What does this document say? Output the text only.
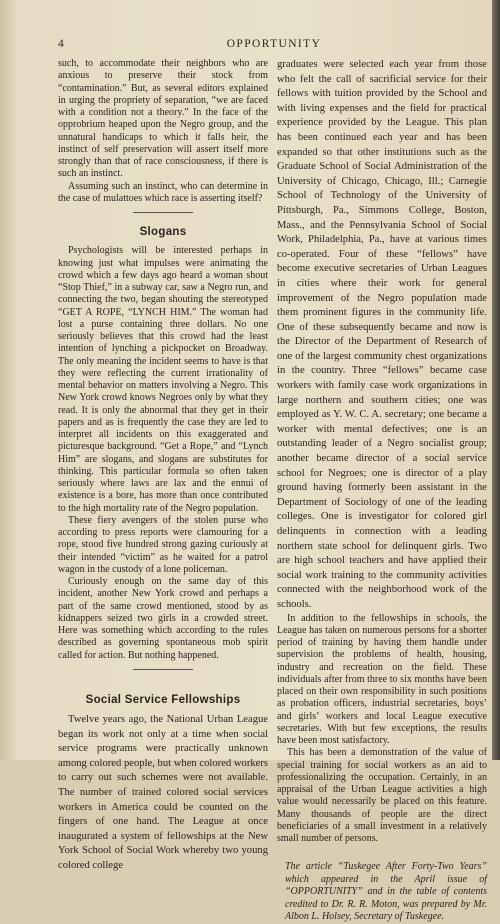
4	OPPORTUNITY

such, to accommodate their neighbors who are anxious to preserve their stock from “contamination.” But, as several editors explained in urging the propriety of separation, “we are faced with a condition not a theory.” In the face of the opprobrium heaped upon the Negro group, and the unnatural handicaps to which it falls heir, the instinct of self preservation will assert itself more strongly than that of race consciousness, if there is such an instinct.

Assuming such an instinct, who can determine in the case of mulattoes which race is asserting itself?

Slogans

Psychologists will be interested perhaps in knowing just what impulses were animating the crowd which a few days ago heard a woman shout “Stop Thief,” in a subway car, saw a Negro run, and connecting the two, began shouting the stereotyped “GET A ROPE, “LYNCH HIM.” The woman had lost a purse containing three dollars. No one seriously believes that this crowd had the least intention of lynching a pickpocket on Broadway. The only meaning the incident seems to have is that they were reflecting the current irrationality of mental behavior on matters involving a Negro. This New York crowd knows Negroes only by what they read. It is only the abnormal that they get in their papers and as is frequently the case they are led to interpret all incidents on this exaggerated and picturesque background. “Get a Rope,” and “Lynch Him” are slogans, and slogans are substitutes for thinking. This particular formula so often taken seriously where laws are lax and the ennui of existence is a bore, has more than once contributed to the high mortality rate of the Negro population.

These fiery avengers of the stolen purse who according to press reports were clamouring for a rope, stood five hundred strong gazing curiously at their intended “victim” as he waited for a patrol wagon in the custody of a lone policeman.

Curiously enough on the same day of this incident, another New York crowd and perhaps a part of the same crowd mentioned, stood by as kidnappers seized two girls in a crowded street. Here was something which according to the rules described as governing spontaneous mob spirit called for action. But nothing happened.

Social Service Fellowships

Twelve years ago, the National Urban League began its work not only at a time when social service programs were practically unknown among colored people, but when colored workers to carry out such schemes were not available. The number of trained colored social services workers in America could be counted on the fingers of one hand. The League at once inaugurated a system of fellowships at the New York School of Social Work whereby two young colored college

graduates were selected each year from those who felt the call of sacrificial service for their fellows with tuition provided by the School and with living expenses and the field for practical experience provided by the League. This plan has been continued each year and has been expanded so that other institutions such as the Graduate School of Social Administration of the University of Chicago, Chicago, Ill.; Carnegie School of Technology of the University of Pittsburgh, Pa., Simmons College, Boston, Mass., and the Pennsylvania School of Social Work, Philadelphia, Pa., have at various times co-operated. Four of these “fellows” have become executive secretaries of Urban Leagues in cities where their work for general improvement of the Negro population made them prominent figures in the community life. One of these subsequently became and now is the Director of the Department of Research of one of the largest community chest organizations in the country. Three “fellows” became case workers with family case work organizations in large northern and southern cities; one was employed as Y. W. C. A. secretary; one became a worker with mental defectives; one is an outstanding leader of a Negro socialist group; another became director of a social service school for Negroes; one is director of a play ground having formerly been assistant in the Department of Sociology of one of the leading colleges. One is investigator for colored girl delinquents in connection with a leading northern state school for delinquent girls. Two are high school teachers and have applied their social work training to the community activities connected with the neighborhood work of the schools.

In addition to the fellowships in schools, the League has taken on numerous persons for a shorter period of training by having them handle under supervision the problems of health, housing, industry and recreation on the field. These individuals after from three to six months have been placed on their own responsibility in such positions as probation officers, industrial secretaries, boys’ and girls’ workers and local League executive secretaries. With but few exceptions, the results have been most satisfactory.

This has been a demonstration of the value of special training for social workers as an aid to professionalizing the occupation. Certainly, in an appraisal of the Urban League activities a high value would necessarily be placed on this feature. Many thousands of people are the direct beneficiaries of a small investment in a relatively small number of persons.

The article “Tuskegee After Forty-Two Years” which appeared in the April issue of “OPPORTUNITY” and in the table of contents credited to Dr. R. R. Moton, was prepared by Mr. Albon L. Holsey, Secretary of Tuskegee.
